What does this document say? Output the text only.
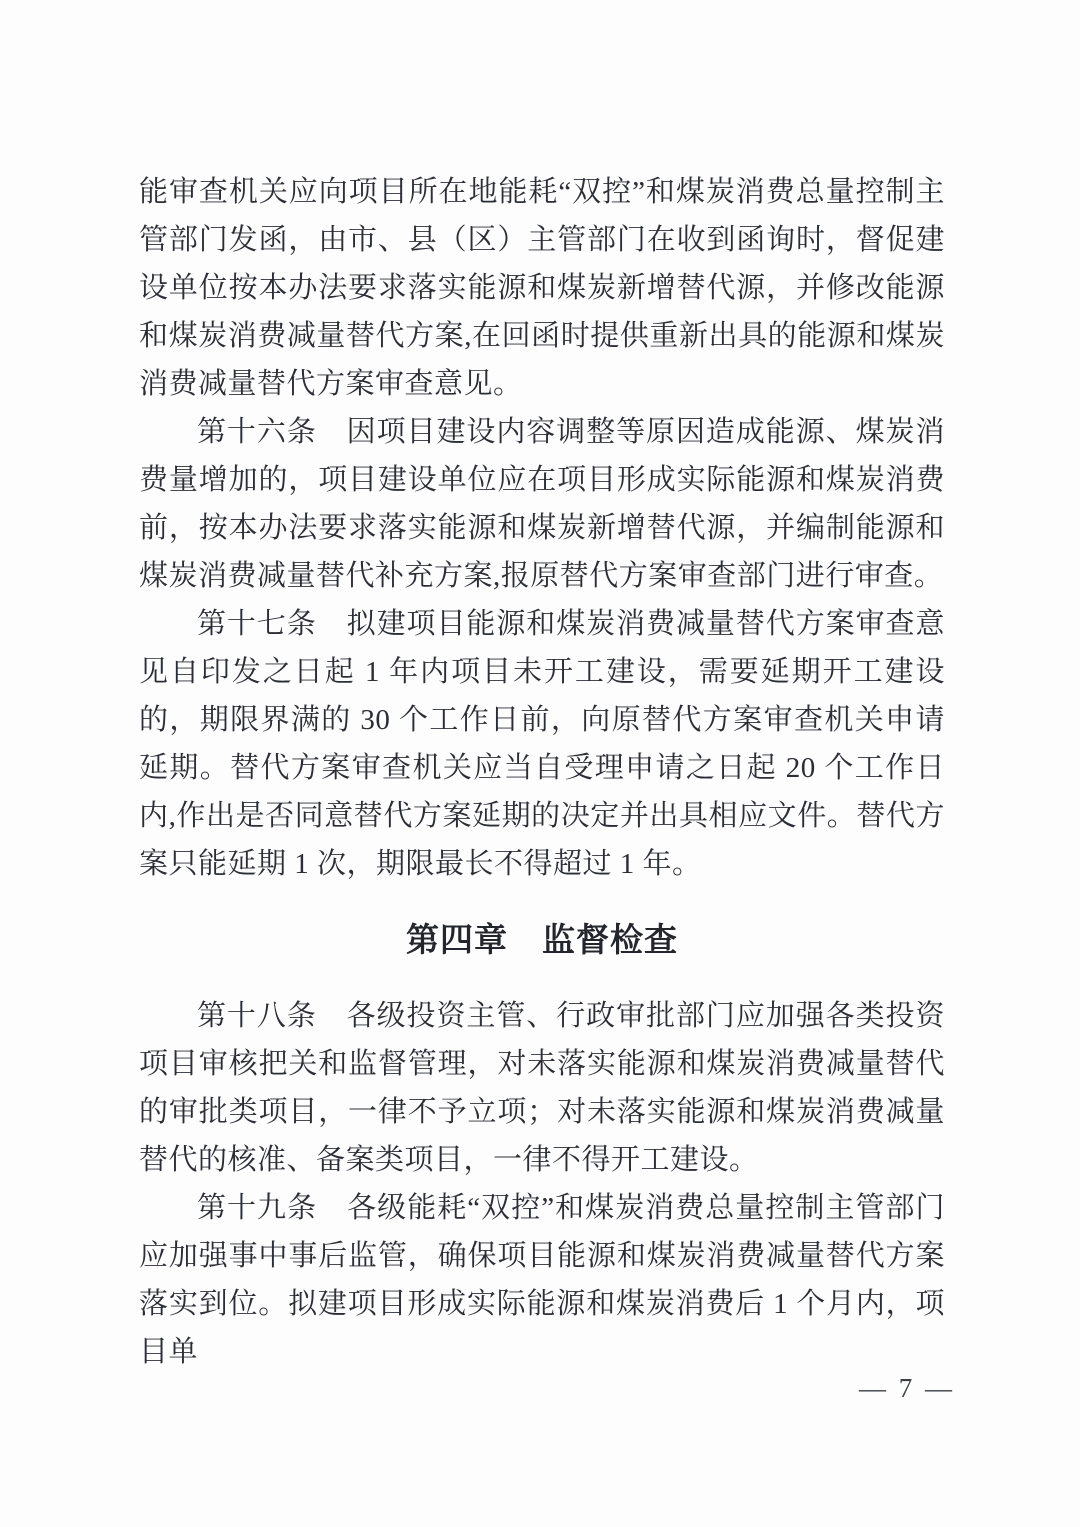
能审查机关应向项目所在地能耗“双控”和煤炭消费总量控制主管部门发函，由市、县（区）主管部门在收到函询时，督促建设单位按本办法要求落实能源和煤炭新增替代源，并修改能源和煤炭消费减量替代方案,在回函时提供重新出具的能源和煤炭消费减量替代方案审查意见。

第十六条　因项目建设内容调整等原因造成能源、煤炭消费量增加的，项目建设单位应在项目形成实际能源和煤炭消费前，按本办法要求落实能源和煤炭新增替代源，并编制能源和煤炭消费减量替代补充方案,报原替代方案审查部门进行审查。

第十七条　拟建项目能源和煤炭消费减量替代方案审查意见自印发之日起 1 年内项目未开工建设，需要延期开工建设的，期限界满的 30 个工作日前，向原替代方案审查机关申请延期。替代方案审查机关应当自受理申请之日起 20 个工作日内,作出是否同意替代方案延期的决定并出具相应文件。替代方案只能延期 1 次，期限最长不得超过 1 年。

第四章　监督检查

第十八条　各级投资主管、行政审批部门应加强各类投资项目审核把关和监督管理，对未落实能源和煤炭消费减量替代的审批类项目，一律不予立项；对未落实能源和煤炭消费减量替代的核准、备案类项目，一律不得开工建设。

第十九条　各级能耗“双控”和煤炭消费总量控制主管部门应加强事中事后监管，确保项目能源和煤炭消费减量替代方案落实到位。拟建项目形成实际能源和煤炭消费后 1 个月内，项目单

— 7 —
